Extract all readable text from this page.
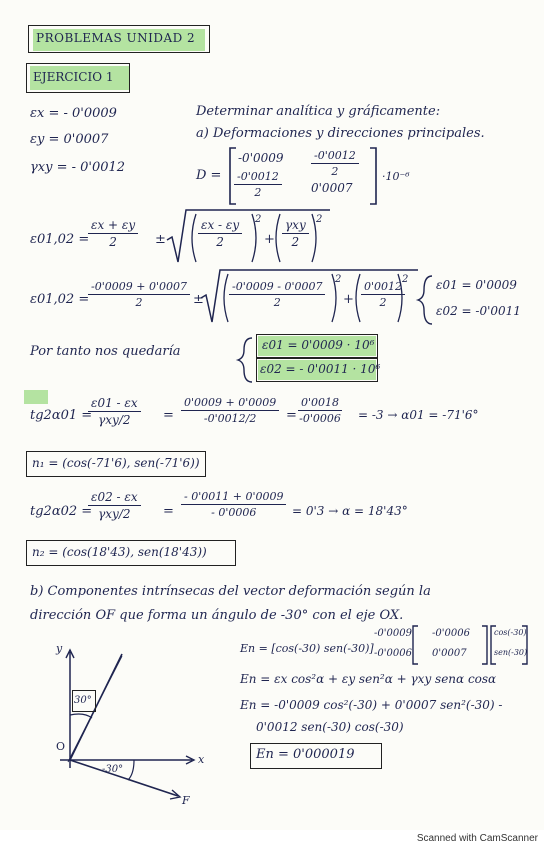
PROBLEMAS UNIDAD 2
EJERCICIO 1
εx = - 0'0009
εy = 0'0007
γxy = - 0'0012
Determinar analítica y gráficamente:
a) Deformaciones y direcciones principales.
D =
$-0'0009 \frac{-0'0012}{2}$
$\frac{-0'0012}{2} 0'0007$
·10⁻⁶
ε01,02 =
$\frac{\varepsilon x + \varepsilon y}{2}$ ±	$\frac{\varepsilon x - \varepsilon y}{2} 2$
+
γxy
2
2
ε01,02 =
$\frac{-0'0009 + 0'0007}{2} \pm \frac{-0'0009 - 0'0007}{2}$
2
+ $\frac{0'0012}{2}$
2 ε01 = 0'0009
ε02 = -0'0011
Por tanto nos quedaría	ε01 = 0'0009 · 10⁶
ε02 = - 0'0011 · 10⁶
tg2α01 =
ε01 - εx
γxy/2	= $\frac{0'0009 + 0'0009}{-0'0012/2} = \frac{0'0018}{-0'0006} = -3 \to \alpha 01 = -71'6^\circ$
n₁ = (cos(-71'6), sen(-71'6))
tg2α02 =
ε02 - εx
γxy/2	= $\frac{- 0'0011 + 0'0009}{- 0'0006} = 0'3 \to \alpha = 18'43^\circ$
n₂ = (cos(18'43), sen(18'43))
b) Componentes intrínsecas del vector deformación según la
dirección OF que forma un ángulo de -30° con el eje OX.
En = [cos(-30) sen(-30)]
-0'0009 -0'0006
-0'0006 0'0007
cos(-30)
sen(-30)
En = εx cos²α + εy sen²α + γxy senα cosα
En = -0'0009 cos²(-30) + 0'0007 sen²(-30) -
0'0012 sen(-30) cos(-30)
En = 0'000019
y
x
O
F
30°
-30°
Scanned with CamScanner
